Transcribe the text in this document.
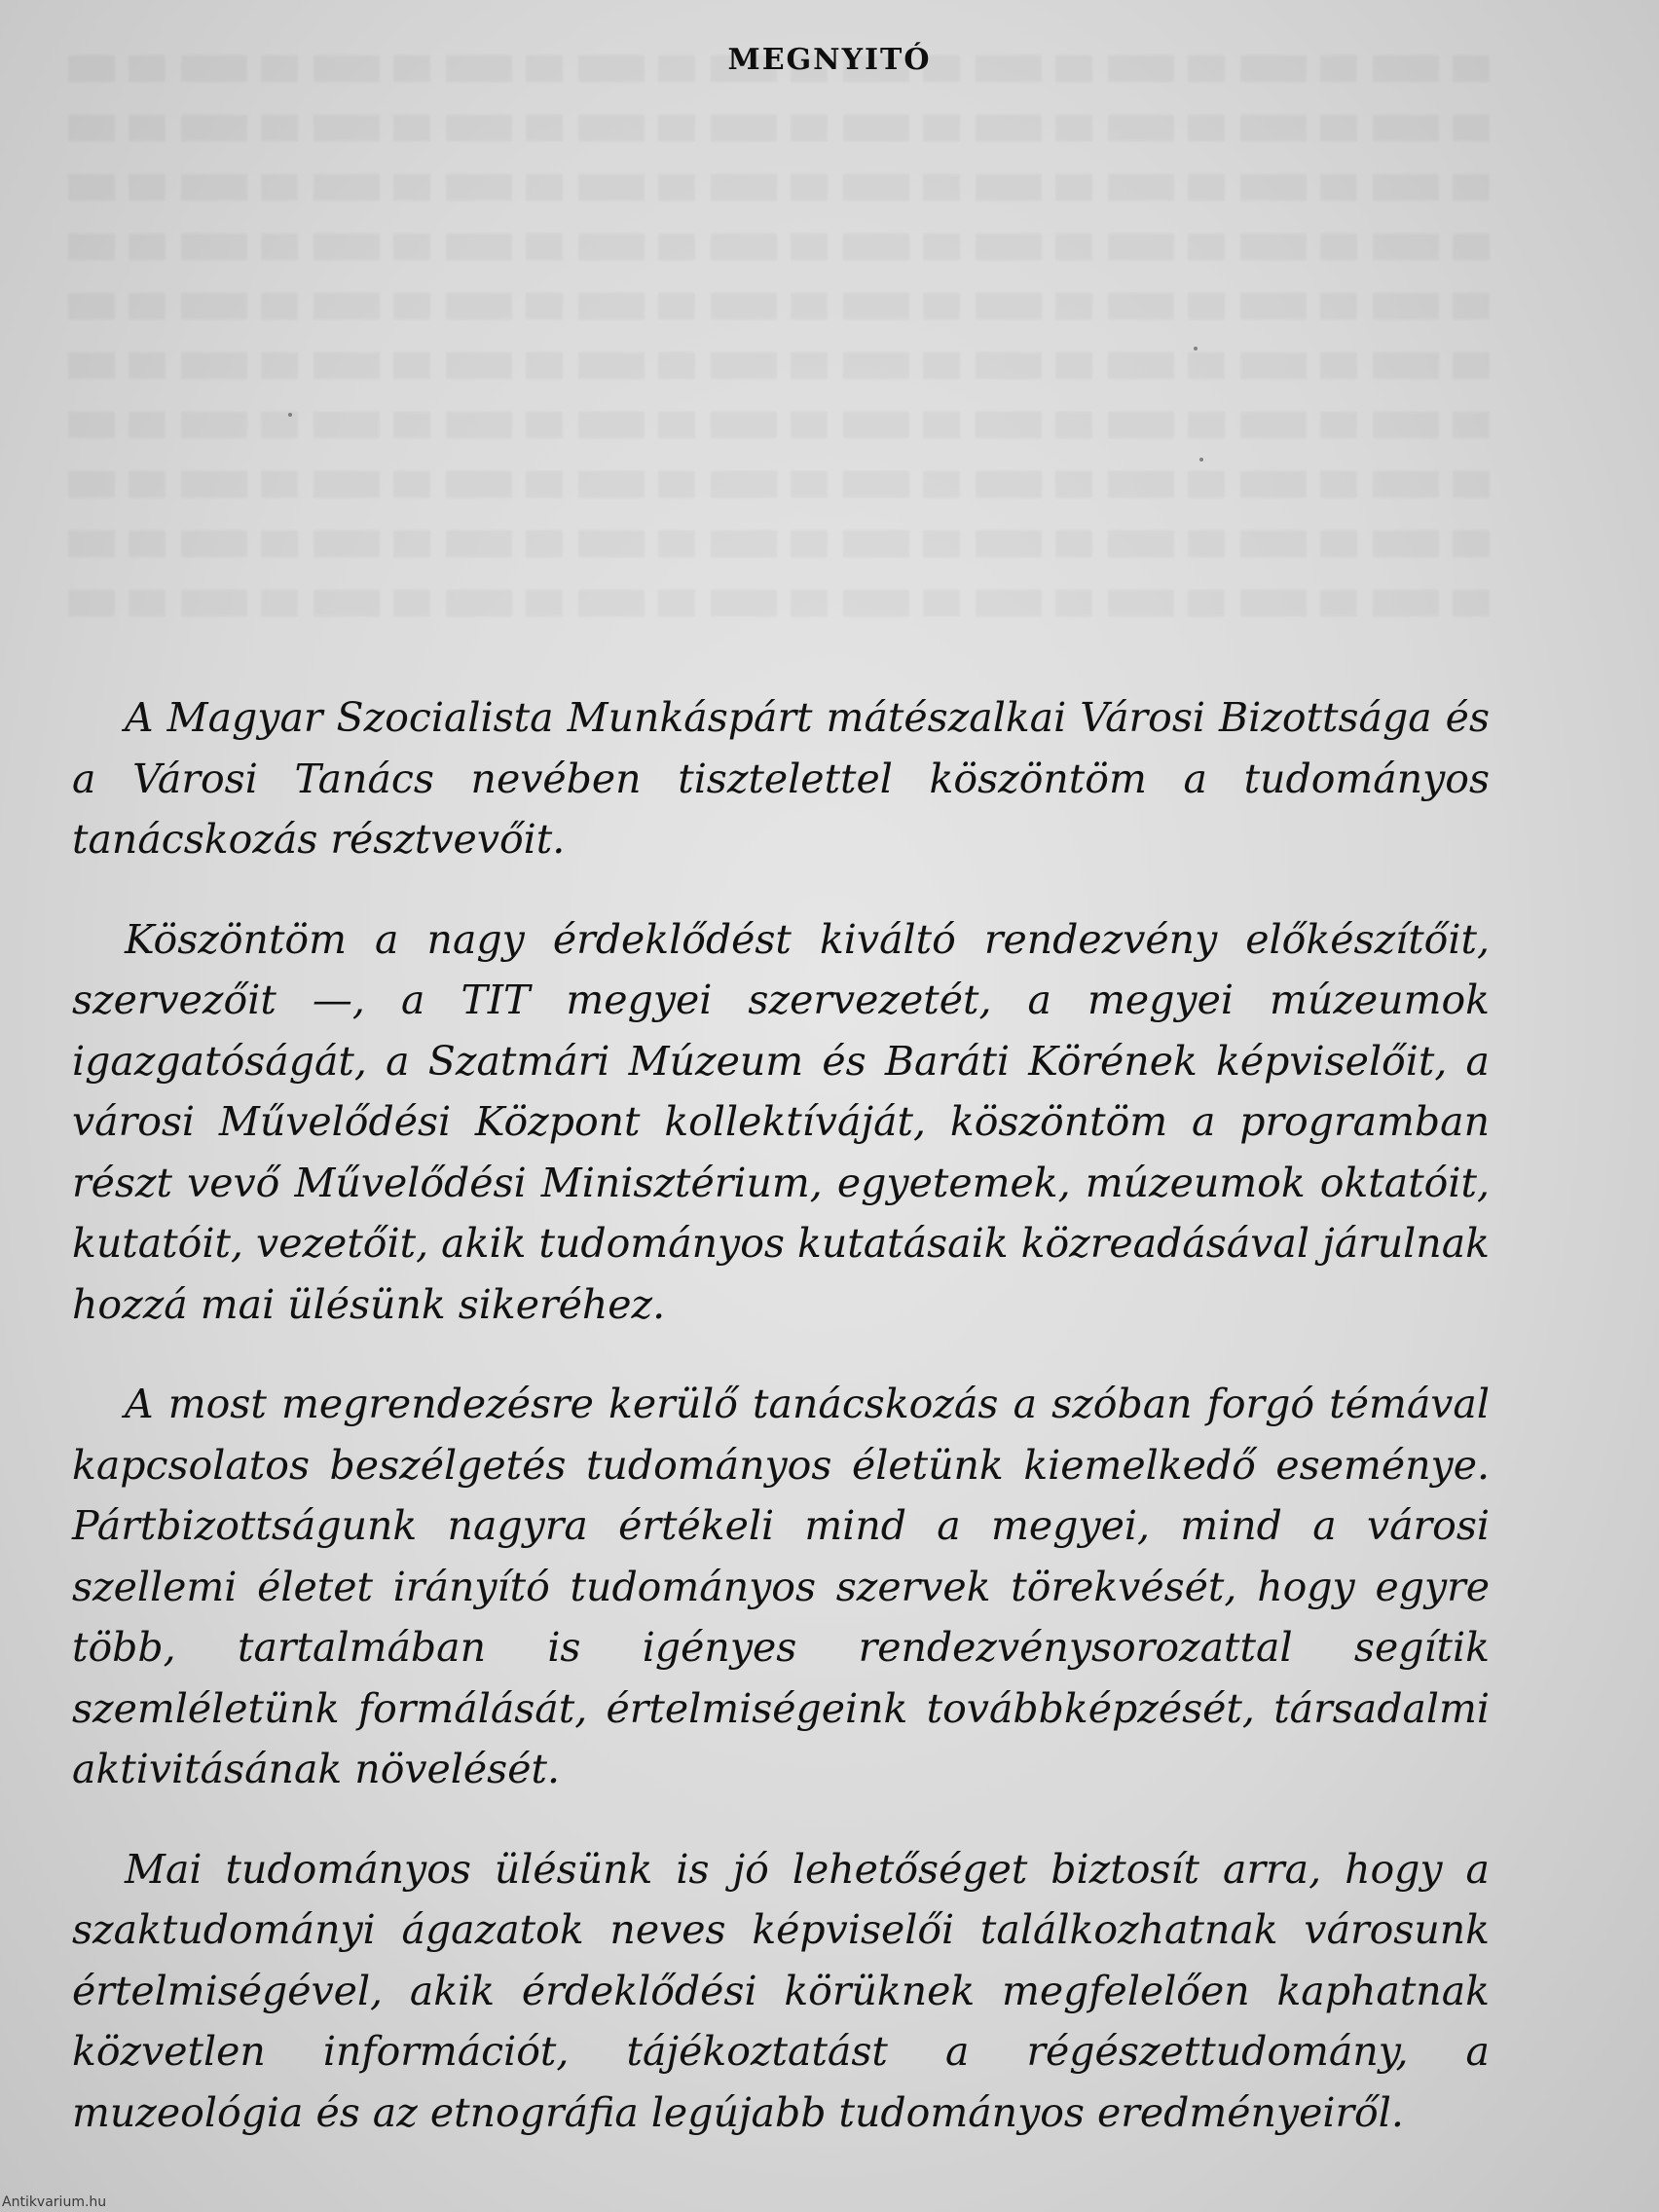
MEGNYITÓ

A Magyar Szocialista Munkáspárt mátészalkai Városi Bizottsága és a Városi Tanács nevében tisztelettel köszöntöm a tudományos tanácskozás résztvevőit.

Köszöntöm a nagy érdeklődést kiváltó rendezvény előkészítőit, szervezőit —, a TIT megyei szervezetét, a megyei múzeumok igazgatóságát, a Szatmári Múzeum és Baráti Körének képviselőit, a városi Művelődési Központ kollektíváját, köszöntöm a programban részt vevő Művelődési Minisztérium, egyetemek, múzeumok oktatóit, kutatóit, vezetőit, akik tudományos kutatásaik közreadásával járulnak hozzá mai ülésünk sikeréhez.

A most megrendezésre kerülő tanácskozás a szóban forgó témával kapcsolatos beszélgetés tudományos életünk kiemelkedő eseménye. Pártbizottságunk nagyra értékeli mind a megyei, mind a városi szellemi életet irányító tudományos szervek törekvését, hogy egyre több, tartalmában is igényes rendezvénysorozattal segítik szemléletünk formálását, értelmiségeink továbbképzését, társadalmi aktivitásának növelését.

Mai tudományos ülésünk is jó lehetőséget biztosít arra, hogy a szaktudományi ágazatok neves képviselői találkozhatnak városunk értelmiségével, akik érdeklődési körüknek megfelelően kaphatnak közvetlen információt, tájékoztatást a régészettudomány, a muzeológia és az etnográfia legújabb tudományos eredményeiről.

Antikvarium.hu
